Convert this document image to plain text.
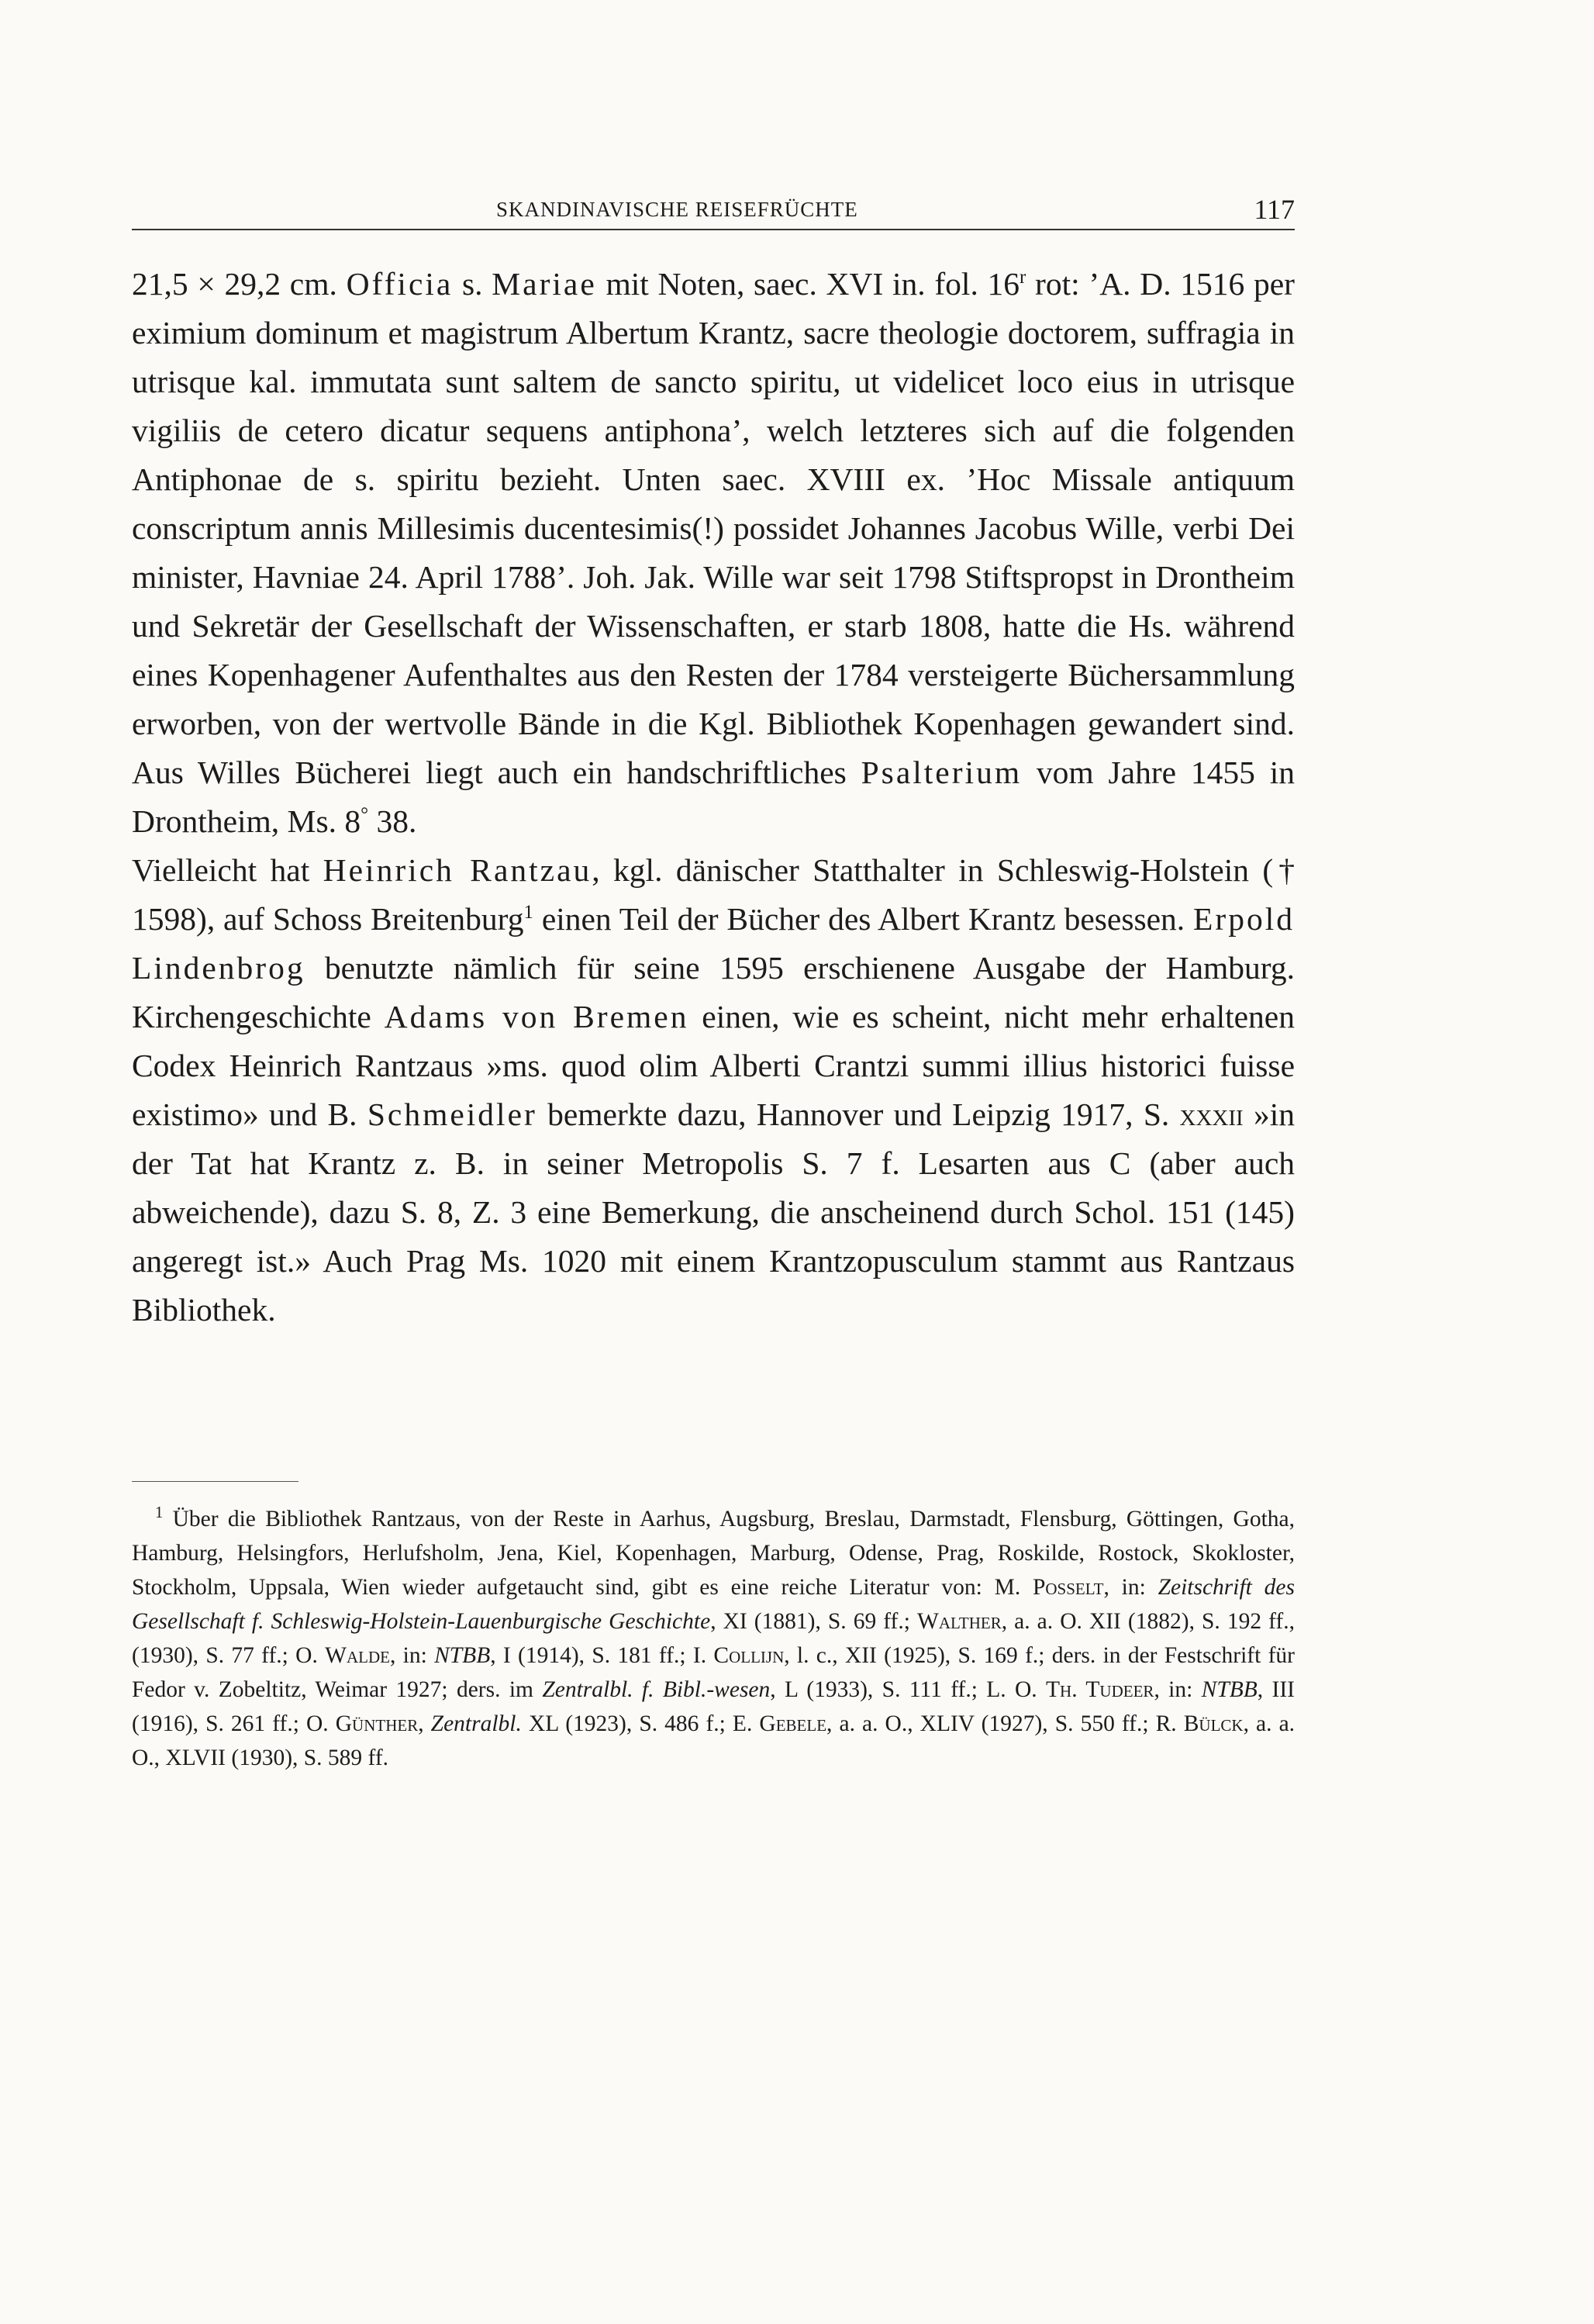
SKANDINAVISCHE REISEFRÜCHTE	117

21,5 × 29,2 cm. Officia s. Mariae mit Noten, saec. XVI in. fol. 16$^r$ rot: ’A. D. 1516 per eximium dominum et magistrum Albertum Krantz, sacre theologie doctorem, suffragia in utrisque kal. immutata sunt saltem de sancto spiritu, ut videlicet loco eius in utrisque vigiliis de cetero dicatur sequens antiphona’, welch letzteres sich auf die folgenden Antiphonae de s. spiritu bezieht. Unten saec. XVIII ex. ’Hoc Missale antiquum conscriptum annis Millesimis ducentesimis(!) possidet Johannes Jacobus Wille, verbi Dei minister, Havniae 24. April 1788’. Joh. Jak. Wille war seit 1798 Stiftspropst in Drontheim und Sekretär der Gesellschaft der Wissenschaften, er starb 1808, hatte die Hs. während eines Kopenhagener Aufenthaltes aus den Resten der 1784 versteigerte Büchersammlung erworben, von der wertvolle Bände in die Kgl. Bibliothek Kopenhagen gewandert sind. Aus Willes Bücherei liegt auch ein handschriftliches Psalterium vom Jahre 1455 in Drontheim, Ms. 8° 38.

Vielleicht hat Heinrich Rantzau, kgl. dänischer Statthalter in Schleswig-Holstein († 1598), auf Schoss Breitenburg$^1$ einen Teil der Bücher des Albert Krantz besessen. Erpold Lindenbrog benutzte nämlich für seine 1595 erschienene Ausgabe der Hamburg. Kirchengeschichte Adams von Bremen einen, wie es scheint, nicht mehr erhaltenen Codex Heinrich Rantzaus »ms. quod olim Alberti Crantzi summi illius historici fuisse existimo» und B. Schmeidler bemerkte dazu, Hannover und Leipzig 1917, S. xxxii »in der Tat hat Krantz z. B. in seiner Metropolis S. 7 f. Lesarten aus C (aber auch abweichende), dazu S. 8, Z. 3 eine Bemerkung, die anscheinend durch Schol. 151 (145) angeregt ist.» Auch Prag Ms. 1020 mit einem Krantzopusculum stammt aus Rantzaus Bibliothek.

$^1$ Über die Bibliothek Rantzaus, von der Reste in Aarhus, Augsburg, Breslau, Darmstadt, Flensburg, Göttingen, Gotha, Hamburg, Helsingfors, Herlufsholm, Jena, Kiel, Kopenhagen, Marburg, Odense, Prag, Roskilde, Rostock, Skokloster, Stockholm, Uppsala, Wien wieder aufgetaucht sind, gibt es eine reiche Literatur von: M. Posselt, in: Zeitschrift des Gesellschaft f. Schleswig-Holstein-Lauenburgische Geschichte, XI (1881), S. 69 ff.; Walther, a. a. O. XII (1882), S. 192 ff., (1930), S. 77 ff.; O. Walde, in: NTBB, I (1914), S. 181 ff.; I. Collijn, l. c., XII (1925), S. 169 f.; ders. in der Festschrift für Fedor v. Zobeltitz, Weimar 1927; ders. im Zentralbl. f. Bibl.-wesen, L (1933), S. 111 ff.; L. O. Th. Tudeer, in: NTBB, III (1916), S. 261 ff.; O. Günther, Zentralbl. XL (1923), S. 486 f.; E. Gebele, a. a. O., XLIV (1927), S. 550 ff.; R. Bülck, a. a. O., XLVII (1930), S. 589 ff.
